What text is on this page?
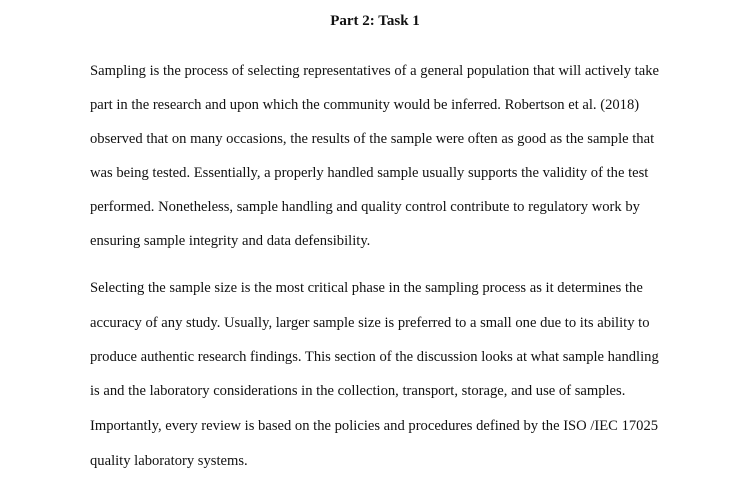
Part 2: Task 1
Sampling is the process of selecting representatives of a general population that will actively take
part in the research and upon which the community would be inferred. Robertson et al. (2018)
observed that on many occasions, the results of the sample were often as good as the sample that
was being tested. Essentially, a properly handled sample usually supports the validity of the test
performed. Nonetheless, sample handling and quality control contribute to regulatory work by
ensuring sample integrity and data defensibility.
Selecting the sample size is the most critical phase in the sampling process as it determines the
accuracy of any study. Usually, larger sample size is preferred to a small one due to its ability to
produce authentic research findings. This section of the discussion looks at what sample handling
is and the laboratory considerations in the collection, transport, storage, and use of samples.
Importantly, every review is based on the policies and procedures defined by the ISO /IEC 17025
quality laboratory systems.
